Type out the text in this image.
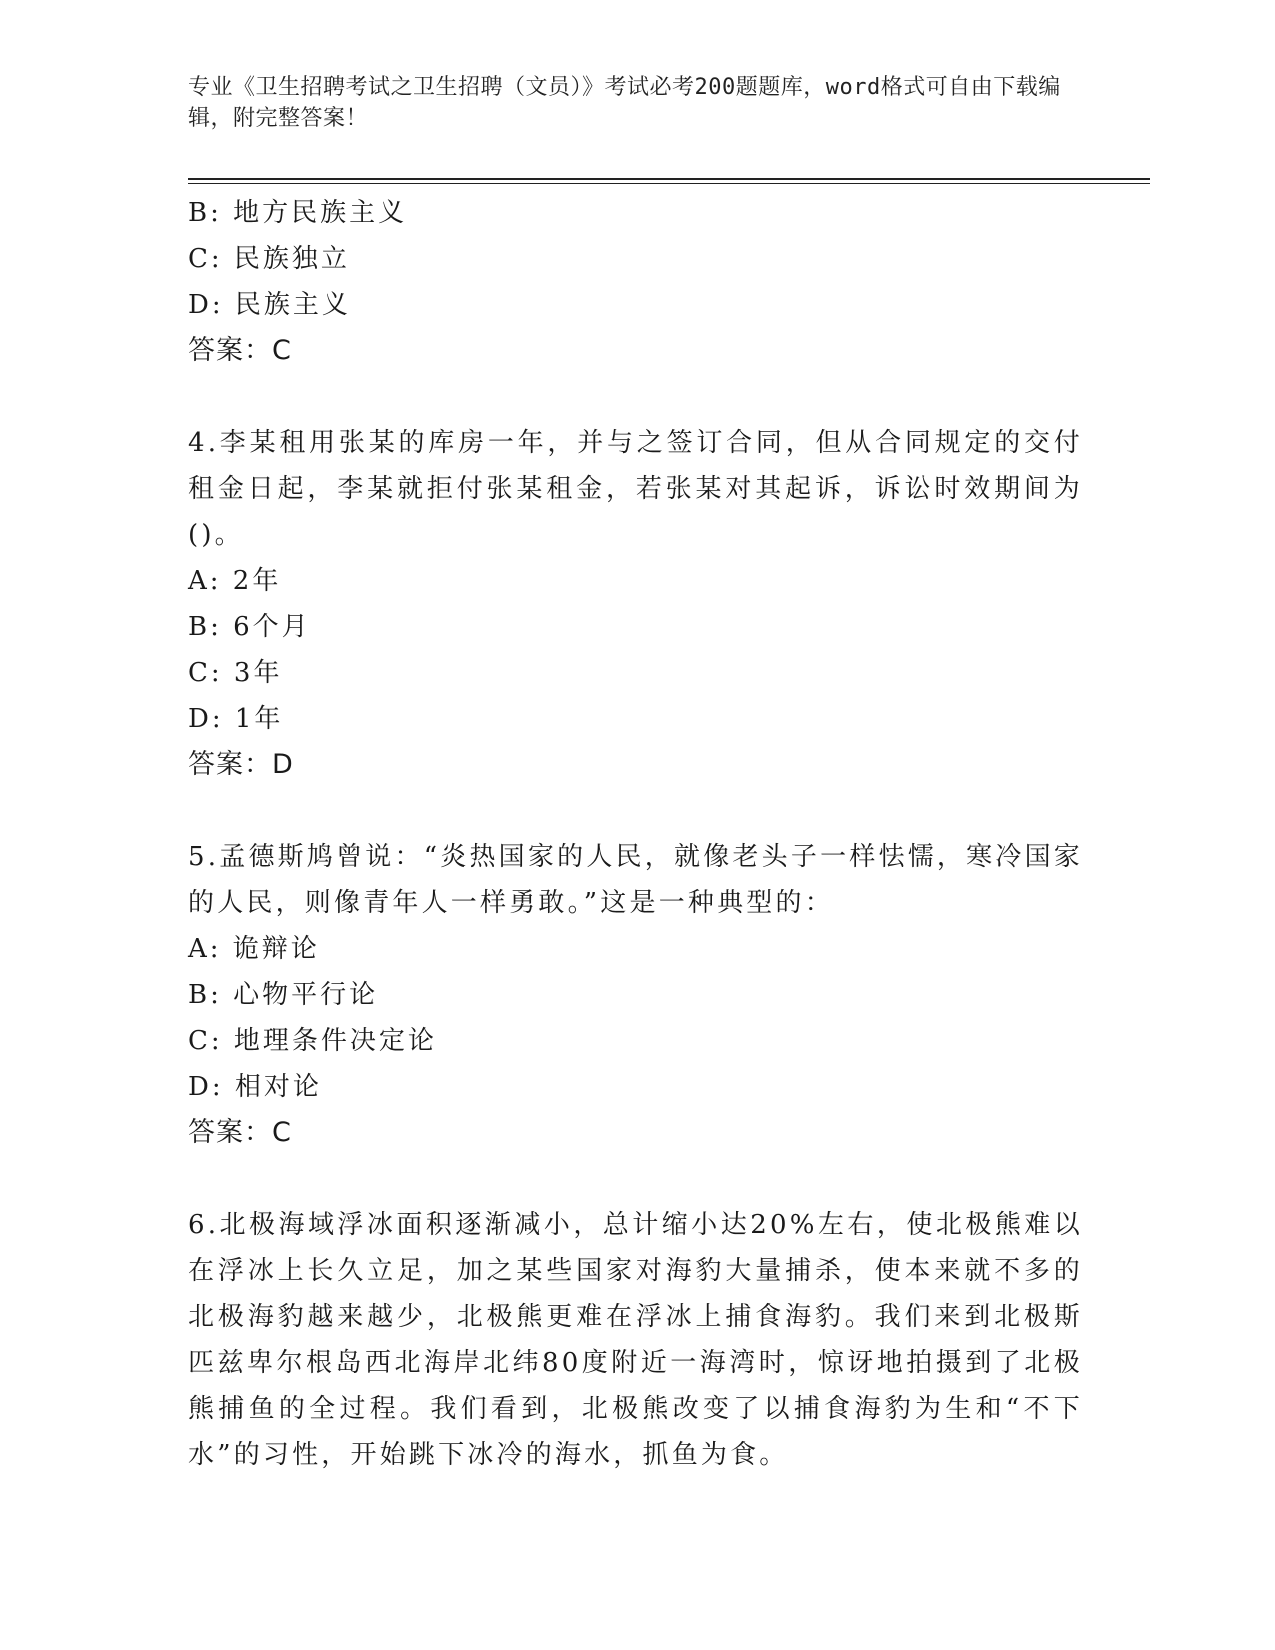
专业《卫生招聘考试之卫生招聘（文员）》考试必考200题题库，word格式可自由下载编辑，附完整答案！
B: 地方民族主义
C: 民族独立
D: 民族主义
答案：C
4.李某租用张某的库房一年，并与之签订合同，但从合同规定的交付租金日起，李某就拒付张某租金，若张某对其起诉，诉讼时效期间为()。
A: 2年
B: 6个月
C: 3年
D: 1年
答案：D
5.孟德斯鸠曾说：“炎热国家的人民，就像老头子一样怯懦，寒冷国家的人民，则像青年人一样勇敢。”这是一种典型的：
A: 诡辩论
B: 心物平行论
C: 地理条件决定论
D: 相对论
答案：C
6.北极海域浮冰面积逐渐减小，总计缩小达20%左右，使北极熊难以在浮冰上长久立足，加之某些国家对海豹大量捕杀，使本来就不多的北极海豹越来越少，北极熊更难在浮冰上捕食海豹。我们来到北极斯匹兹卑尔根岛西北海岸北纬80度附近一海湾时，惊讶地拍摄到了北极熊捕鱼的全过程。我们看到，北极熊改变了以捕食海豹为生和“不下水”的习性，开始跳下冰冷的海水，抓鱼为食。
